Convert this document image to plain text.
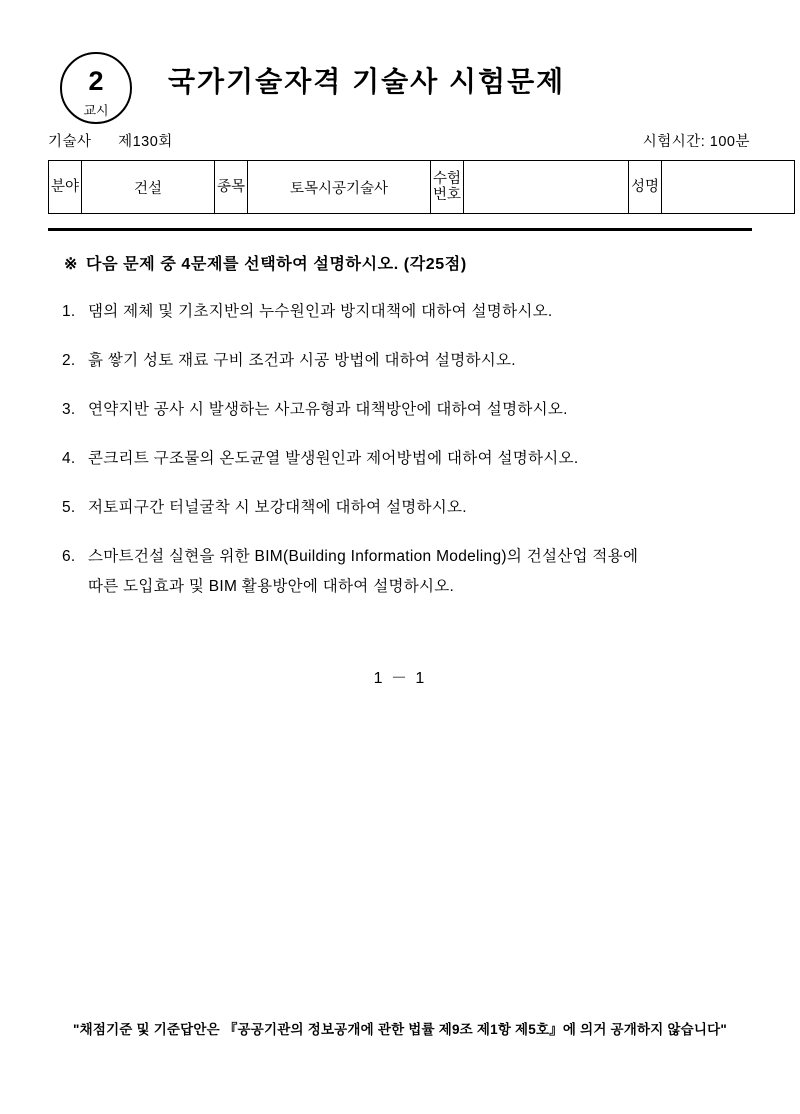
2
교시
국가기술자격 기술사 시험문제
기술사 제130회	시험시간: 100분
분야	건설	종목	토목시공기술사	수험번호		성명	
※ 다음 문제 중 4문제를 선택하여 설명하시오. (각25점)
1. 댐의 제체 및 기초지반의 누수원인과 방지대책에 대하여 설명하시오.
2. 흙 쌓기 성토 재료 구비 조건과 시공 방법에 대하여 설명하시오.
3. 연약지반 공사 시 발생하는 사고유형과 대책방안에 대하여 설명하시오.
4. 콘크리트 구조물의 온도균열 발생원인과 제어방법에 대하여 설명하시오.
5. 저토피구간 터널굴착 시 보강대책에 대하여 설명하시오.
6. 스마트건설 실현을 위한 BIM(Building Information Modeling)의 건설산업 적용에
따른 도입효과 및 BIM 활용방안에 대하여 설명하시오.
1 － 1
"채점기준 및 기준답안은 『공공기관의 정보공개에 관한 법률 제9조 제1항 제5호』에 의거 공개하지 않습니다"
